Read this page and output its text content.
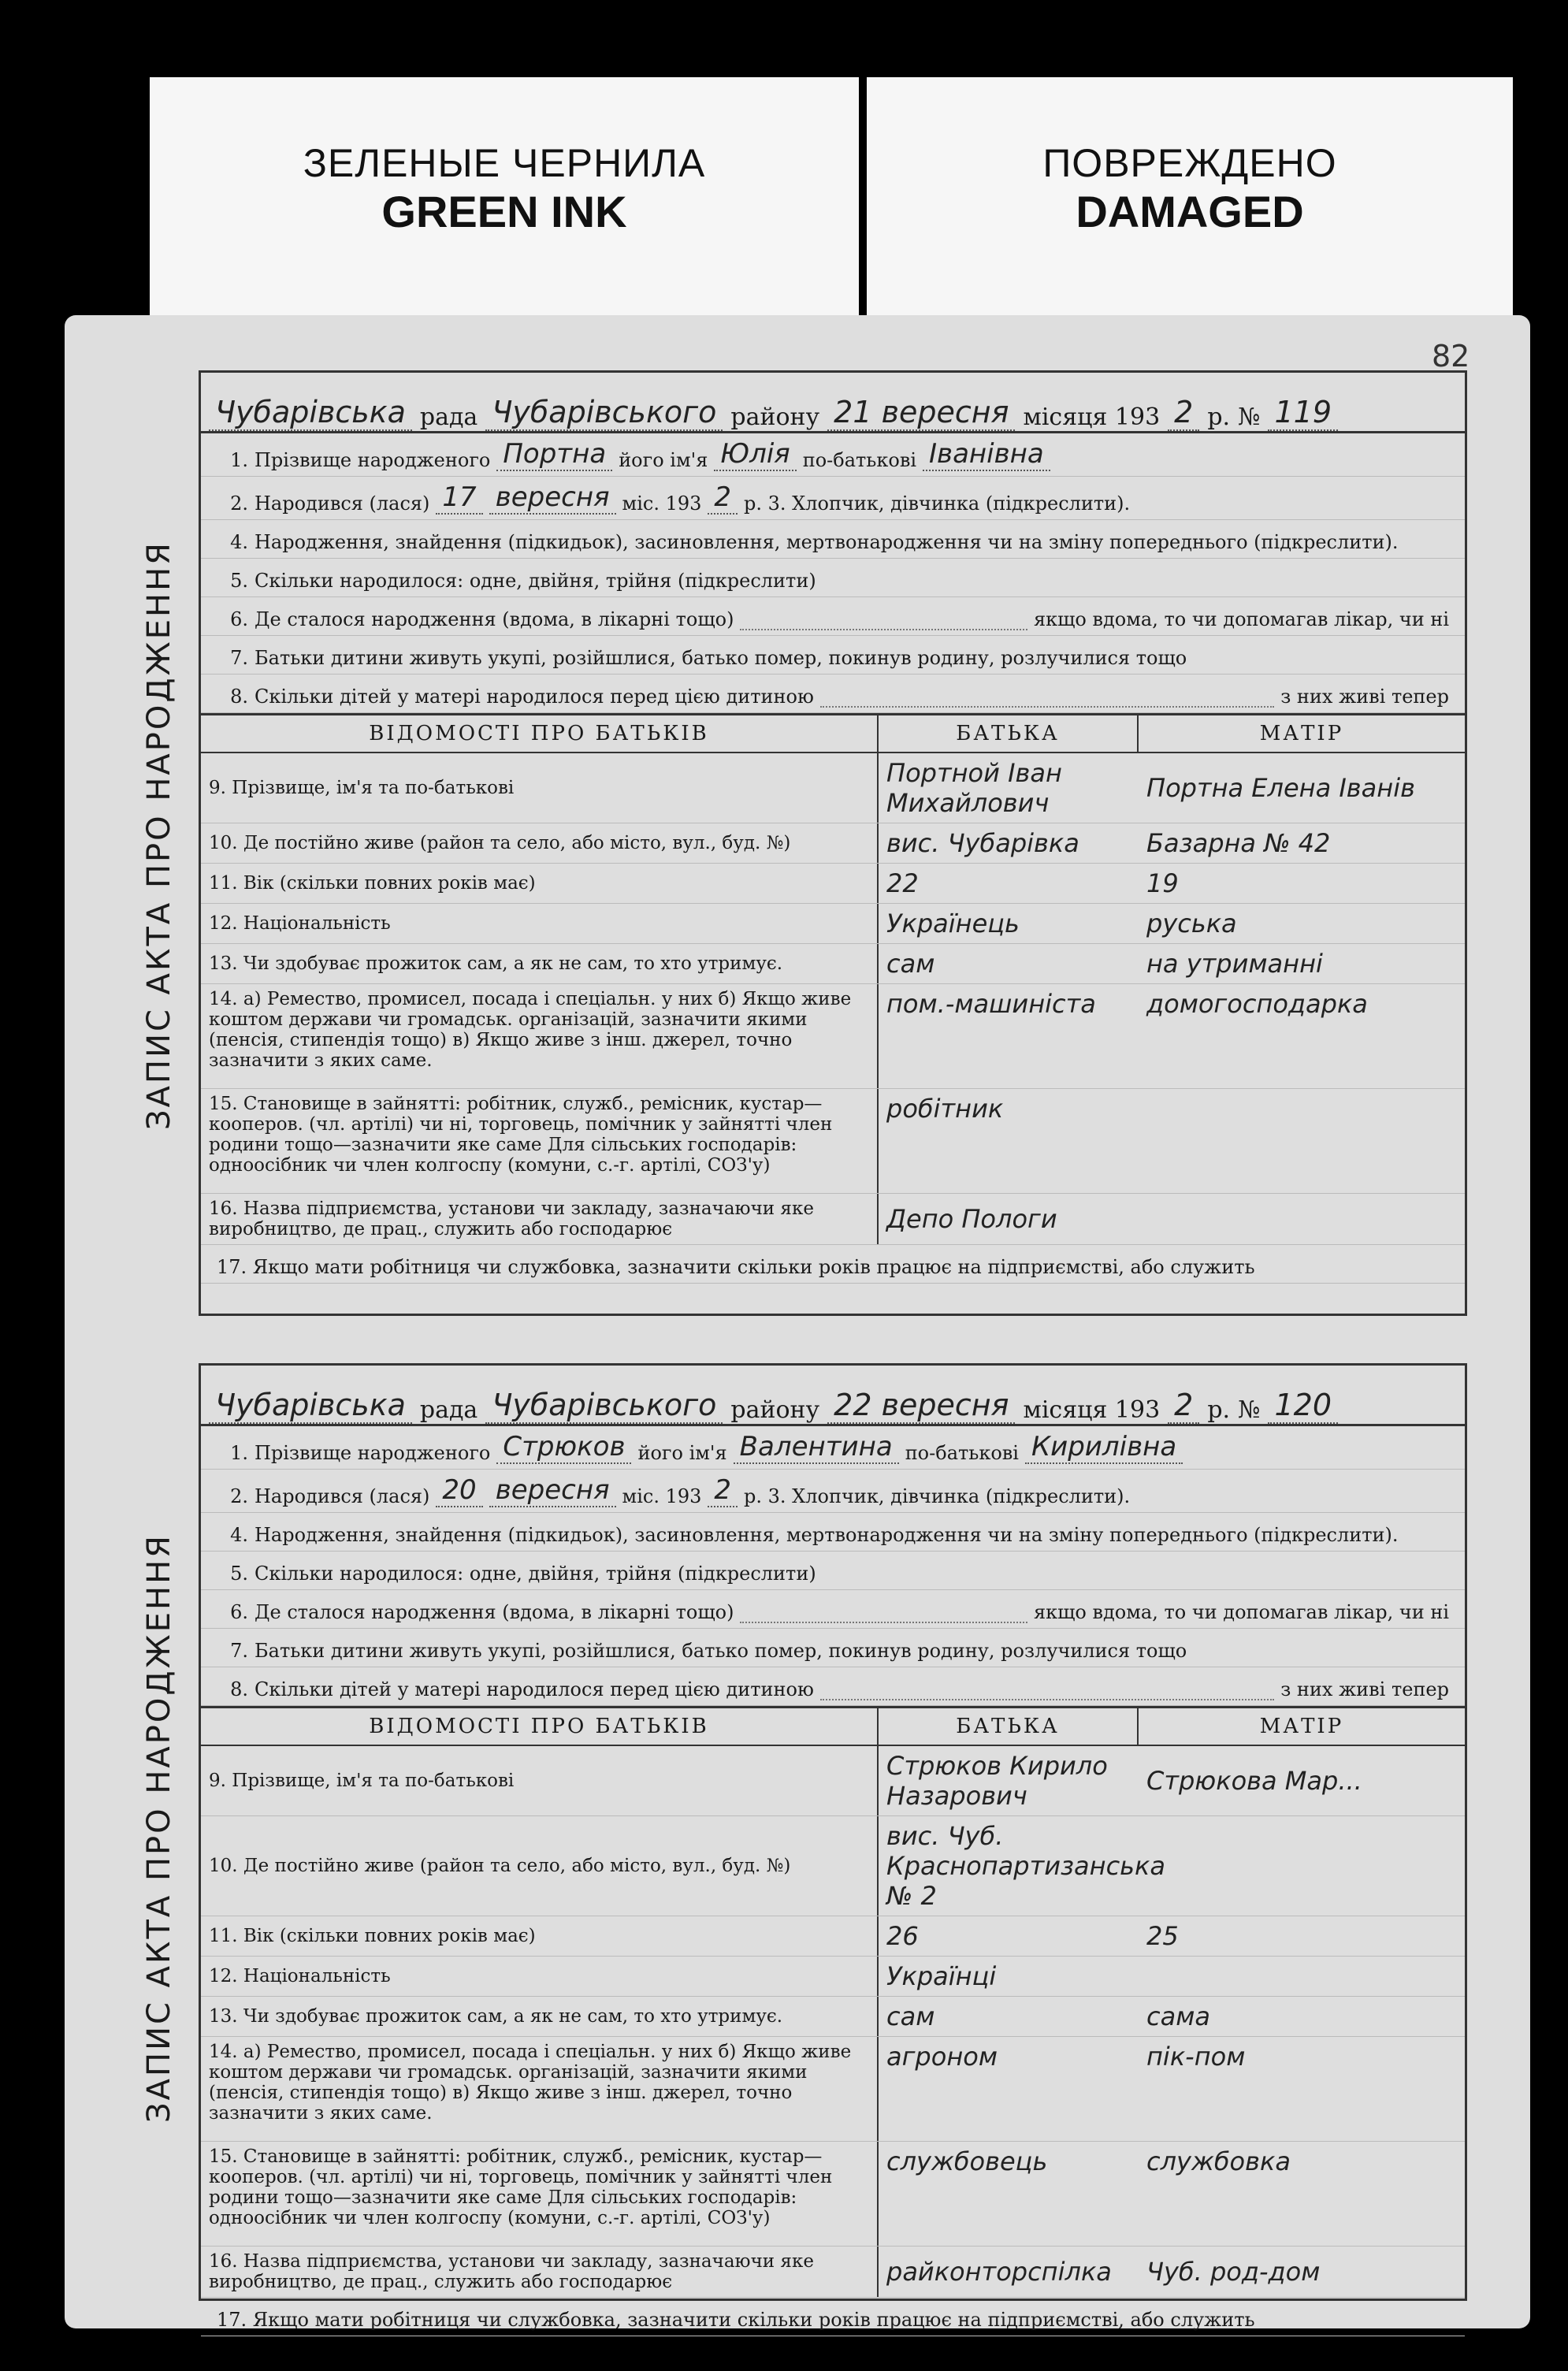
ЗЕЛЕНЫЕ ЧЕРНИЛА
GREEN INK
ПОВРЕЖДЕНО
DAMAGED
82
ЗАПИС АКТА ПРО НАРОДЖЕННЯ
Чубарівська рада Чубарівського району 21 вересня місяця 193 2 р. № 119
1. Прізвище народженого Портна його ім'я Юлія по-батькові Іванівна
2. Народився (лася) 17 вересня міс. 193 2 р. 3. Хлопчик, дівчинка (підкреслити).
4. Народження, знайдення (підкидьок), засиновлення, мертвонародження чи на зміну попереднього (підкреслити).
5. Скільки народилося: одне, двійня, трійня (підкреслити)
6. Де сталося народження (вдома, в лікарні тощо)	якщо вдома, то чи допомагав лікар, чи ні
7. Батьки дитини живуть укупі, розійшлися, батько помер, покинув родину, розлучилися тощо
8. Скільки дітей у матері народилося перед цією дитиною	з них живі тепер
ВІДОМОСТІ ПРО БАТЬКІВ	БАТЬКА	МАТІР
9. Прізвище, ім'я та по-батькові	Портной Іван Михайлович	Портна Елена Іванів
10. Де постійно живе (район та село, або місто, вул., буд. №)	вис. Чубарівка	Базарна № 42
11. Вік (скільки повних років має)	22	19
12. Національність	Українець	руська
13. Чи здобуває прожиток сам, а як не сам, то хто утримує.	сам	на утриманні
14. а) Ремество, промисел, посада і спеціальн. у них б) Якщо живе коштом держави чи громадськ. організацій, зазначити якими (пенсія, стипендія тощо) в) Якщо живе з інш. джерел, точно зазначити з яких саме.
пом.-машиніста	домогосподарка
15. Становище в зайнятті: робітник, служб., ремісник, кустар—кооперов. (чл. артілі) чи ні, торговець, помічник у зайнятті член родини тощо—зазначити яке саме Для сільських господарів: одноосібник чи член колгоспу (комуни, с.-г. артілі, СОЗ'у)
робітник
16. Назва підприємства, установи чи закладу, зазначаючи яке виробництво, де прац., служить або господарює	Депо Пологи
17. Якщо мати робітниця чи службовка, зазначити скільки років працює на підприємстві, або служить
ЗАПИС АКТА ПРО НАРОДЖЕННЯ
Чубарівська рада Чубарівського району 22 вересня місяця 193 2 р. № 120
1. Прізвище народженого Стрюков його ім'я Валентина по-батькові Кирилівна
2. Народився (лася) 20 вересня міс. 193 2 р. 3. Хлопчик, дівчинка (підкреслити).
4. Народження, знайдення (підкидьок), засиновлення, мертвонародження чи на зміну попереднього (підкреслити).
5. Скільки народилося: одне, двійня, трійня (підкреслити)
6. Де сталося народження (вдома, в лікарні тощо)	якщо вдома, то чи допомагав лікар, чи ні
7. Батьки дитини живуть укупі, розійшлися, батько помер, покинув родину, розлучилися тощо
8. Скільки дітей у матері народилося перед цією дитиною	з них живі тепер
ВІДОМОСТІ ПРО БАТЬКІВ	БАТЬКА	МАТІР
9. Прізвище, ім'я та по-батькові	Стрюков Кирило Назарович	Стрюкова Мар...
10. Де постійно живе (район та село, або місто, вул., буд. №)
вис. Чуб. Краснопартизанська № 2
11. Вік (скільки повних років має)	26	25
12. Національність	Українці
13. Чи здобуває прожиток сам, а як не сам, то хто утримує.	сам	сама
14. а) Ремество, промисел, посада і спеціальн. у них б) Якщо живе коштом держави чи громадськ. організацій, зазначити якими (пенсія, стипендія тощо) в) Якщо живе з інш. джерел, точно зазначити з яких саме.
агроном	пік-пом
15. Становище в зайнятті: робітник, служб., ремісник, кустар—кооперов. (чл. артілі) чи ні, торговець, помічник у зайнятті член родини тощо—зазначити яке саме Для сільських господарів: одноосібник чи член колгоспу (комуни, с.-г. артілі, СОЗ'у)
службовець	службовка
16. Назва підприємства, установи чи закладу, зазначаючи яке виробництво, де прац., служить або господарює	райконторспілка	Чуб. род-дом
17. Якщо мати робітниця чи службовка, зазначити скільки років працює на підприємстві, або служить
